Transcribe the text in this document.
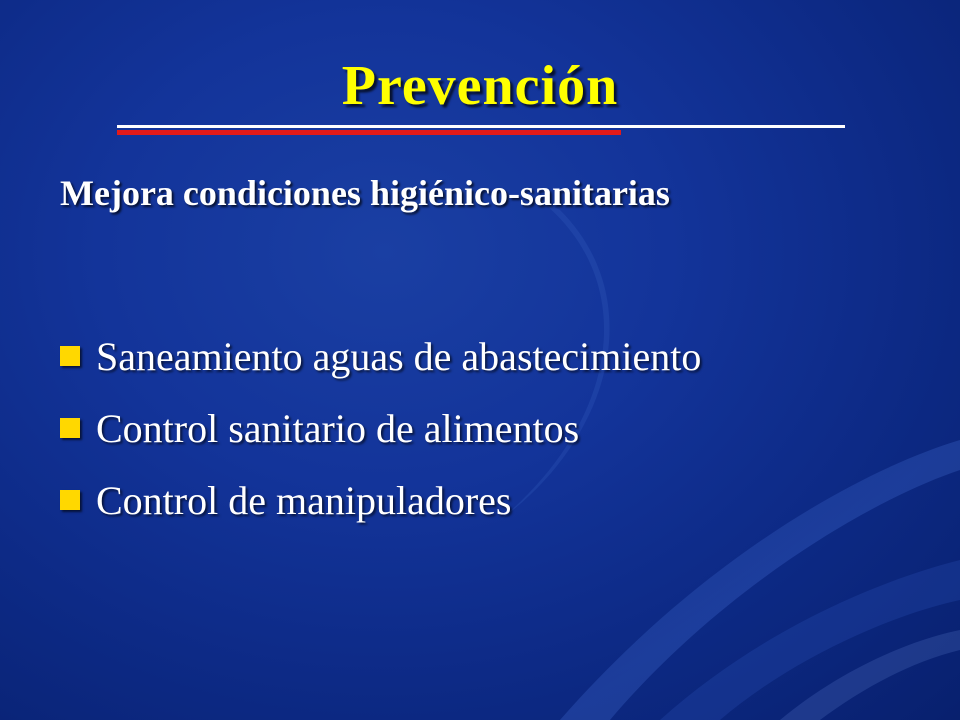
Prevención
Mejora condiciones higiénico-sanitarias
Saneamiento aguas de abastecimiento
Control sanitario de alimentos
Control de manipuladores
